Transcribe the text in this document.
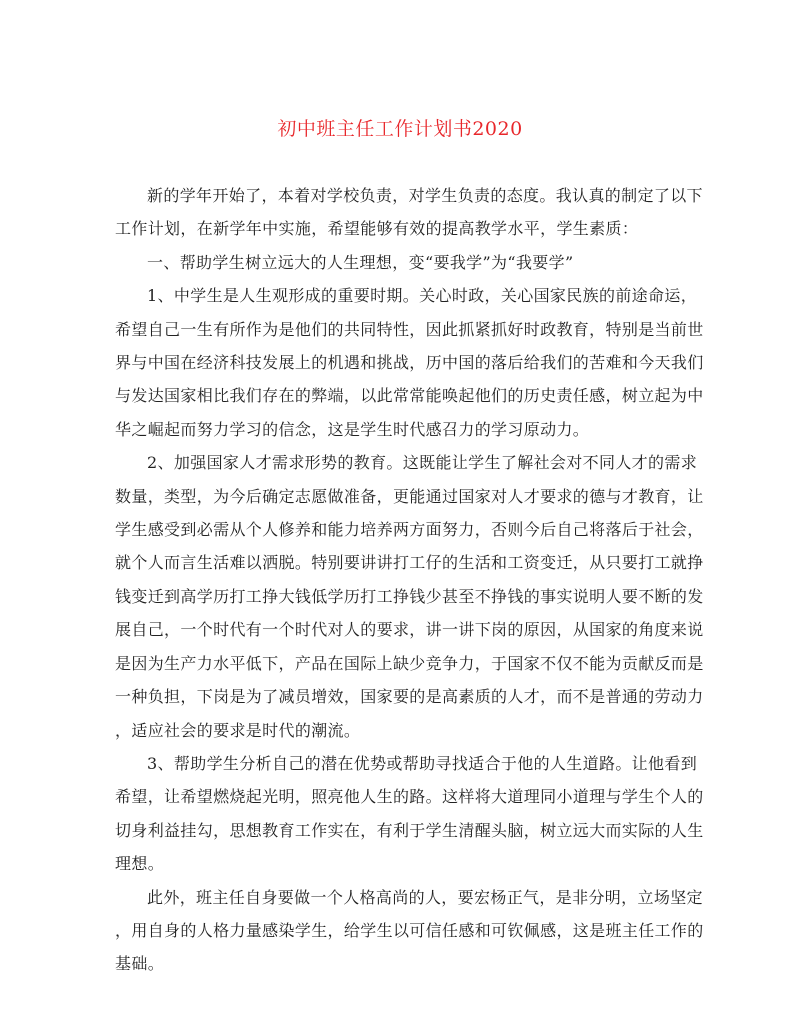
初中班主任工作计划书2020
新的学年开始了，本着对学校负责，对学生负责的态度。我认真的制定了以下
工作计划，在新学年中实施，希望能够有效的提高教学水平，学生素质：
一、帮助学生树立远大的人生理想，变“要我学”为“我要学”
1、中学生是人生观形成的重要时期。关心时政，关心国家民族的前途命运，
希望自己一生有所作为是他们的共同特性，因此抓紧抓好时政教育，特别是当前世
界与中国在经济科技发展上的机遇和挑战，历中国的落后给我们的苦难和今天我们
与发达国家相比我们存在的弊端，以此常常能唤起他们的历史责任感，树立起为中
华之崛起而努力学习的信念，这是学生时代感召力的学习原动力。
2、加强国家人才需求形势的教育。这既能让学生了解社会对不同人才的需求
数量，类型，为今后确定志愿做准备，更能通过国家对人才要求的德与才教育，让
学生感受到必需从个人修养和能力培养两方面努力，否则今后自己将落后于社会，
就个人而言生活难以洒脱。特别要讲讲打工仔的生活和工资变迁，从只要打工就挣
钱变迁到高学历打工挣大钱低学历打工挣钱少甚至不挣钱的事实说明人要不断的发
展自己，一个时代有一个时代对人的要求，讲一讲下岗的原因，从国家的角度来说
是因为生产力水平低下，产品在国际上缺少竞争力，于国家不仅不能为贡献反而是
一种负担，下岗是为了减员增效，国家要的是高素质的人才，而不是普通的劳动力
，适应社会的要求是时代的潮流。
3、帮助学生分析自己的潜在优势或帮助寻找适合于他的人生道路。让他看到
希望，让希望燃烧起光明，照亮他人生的路。这样将大道理同小道理与学生个人的
切身利益挂勾，思想教育工作实在，有利于学生清醒头脑，树立远大而实际的人生
理想。
此外，班主任自身要做一个人格高尚的人，要宏杨正气，是非分明，立场坚定
，用自身的人格力量感染学生，给学生以可信任感和可钦佩感，这是班主任工作的
基础。
